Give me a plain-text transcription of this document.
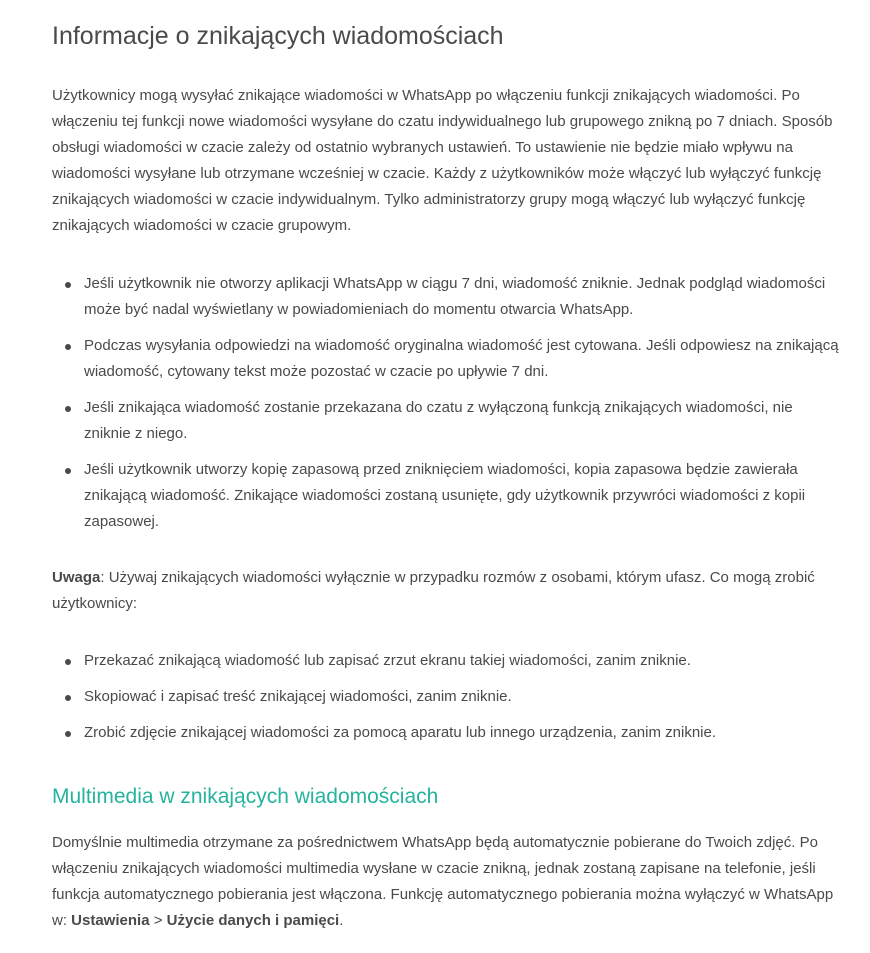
Informacje o znikających wiadomościach

Użytkownicy mogą wysyłać znikające wiadomości w WhatsApp po włączeniu funkcji znikających wiadomości. Po włączeniu tej funkcji nowe wiadomości wysyłane do czatu indywidualnego lub grupowego znikną po 7 dniach. Sposób obsługi wiadomości w czacie zależy od ostatnio wybranych ustawień. To ustawienie nie będzie miało wpływu na wiadomości wysyłane lub otrzymane wcześniej w czacie. Każdy z użytkowników może włączyć lub wyłączyć funkcję znikających wiadomości w czacie indywidualnym. Tylko administratorzy grupy mogą włączyć lub wyłączyć funkcję znikających wiadomości w czacie grupowym.

Jeśli użytkownik nie otworzy aplikacji WhatsApp w ciągu 7 dni, wiadomość zniknie. Jednak podgląd wiadomości może być nadal wyświetlany w powiadomieniach do momentu otwarcia WhatsApp.
Podczas wysyłania odpowiedzi na wiadomość oryginalna wiadomość jest cytowana. Jeśli odpowiesz na znikającą wiadomość, cytowany tekst może pozostać w czacie po upływie 7 dni.
Jeśli znikająca wiadomość zostanie przekazana do czatu z wyłączoną funkcją znikających wiadomości, nie zniknie z niego.
Jeśli użytkownik utworzy kopię zapasową przed zniknięciem wiadomości, kopia zapasowa będzie zawierała znikającą wiadomość. Znikające wiadomości zostaną usunięte, gdy użytkownik przywróci wiadomości z kopii zapasowej.

Uwaga: Używaj znikających wiadomości wyłącznie w przypadku rozmów z osobami, którym ufasz. Co mogą zrobić użytkownicy:

Przekazać znikającą wiadomość lub zapisać zrzut ekranu takiej wiadomości, zanim zniknie.
Skopiować i zapisać treść znikającej wiadomości, zanim zniknie.
Zrobić zdjęcie znikającej wiadomości za pomocą aparatu lub innego urządzenia, zanim zniknie.
Multimedia w znikających wiadomościach

Domyślnie multimedia otrzymane za pośrednictwem WhatsApp będą automatycznie pobierane do Twoich zdjęć. Po włączeniu znikających wiadomości multimedia wysłane w czacie znikną, jednak zostaną zapisane na telefonie, jeśli funkcja automatycznego pobierania jest włączona. Funkcję automatycznego pobierania można wyłączyć w WhatsApp w: Ustawienia > Użycie danych i pamięci.
